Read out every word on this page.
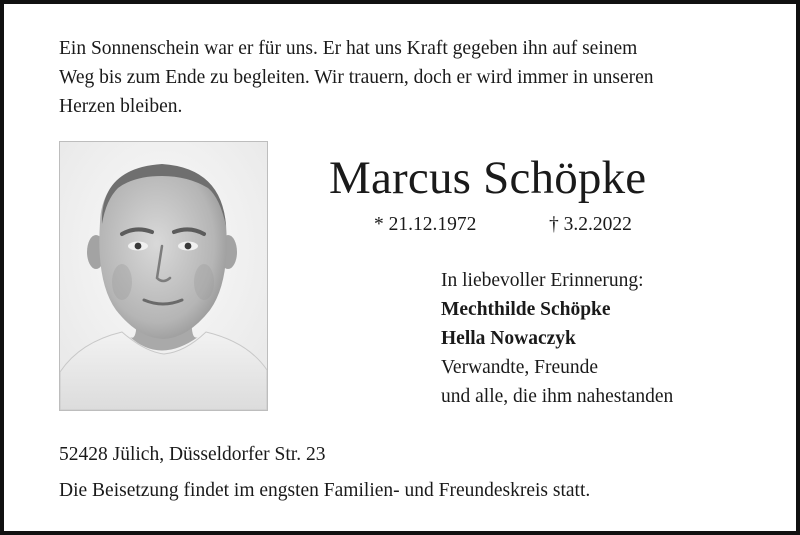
Ein Sonnenschein war er für uns. Er hat uns Kraft gegeben ihn auf seinem
Weg bis zum Ende zu begleiten. Wir trauern, doch er wird immer in unseren
Herzen bleiben.
Marcus Schöpke
* 21.12.1972	† 3.2.2022
In liebevoller Erinnerung:
Mechthilde Schöpke
Hella Nowaczyk
Verwandte, Freunde
und alle, die ihm nahestanden
52428 Jülich, Düsseldorfer Str. 23
Die Beisetzung findet im engsten Familien- und Freundeskreis statt.
